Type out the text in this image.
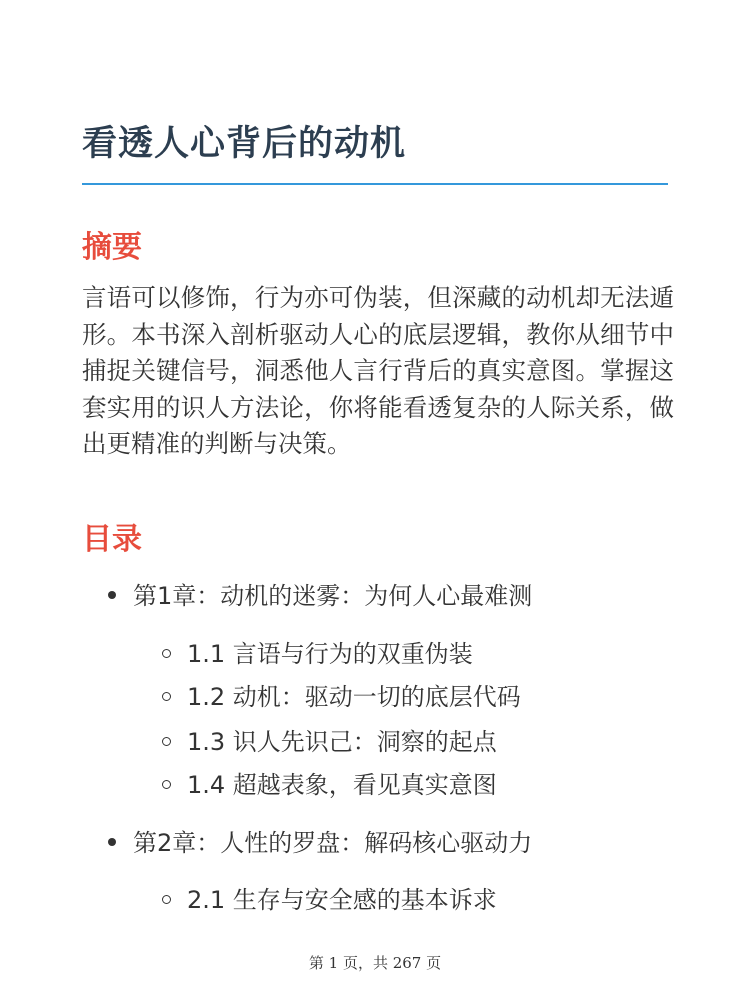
看透人心背后的动机
摘要

言语可以修饰，行为亦可伪装，但深藏的动机却无法遁形。本书深入剖析驱动人心的底层逻辑，教你从细节中捕捉关键信号，洞悉他人言行背后的真实意图。掌握这套实用的识人方法论，你将能看透复杂的人际关系，做出更精准的判断与决策。

目录
第1章：动机的迷雾：为何人心最难测
1.1 言语与行为的双重伪装
1.2 动机：驱动一切的底层代码
1.3 识人先识己：洞察的起点
1.4 超越表象，看见真实意图
第2章：人性的罗盘：解码核心驱动力
2.1 生存与安全感的基本诉求
第 1 页，共 267 页
